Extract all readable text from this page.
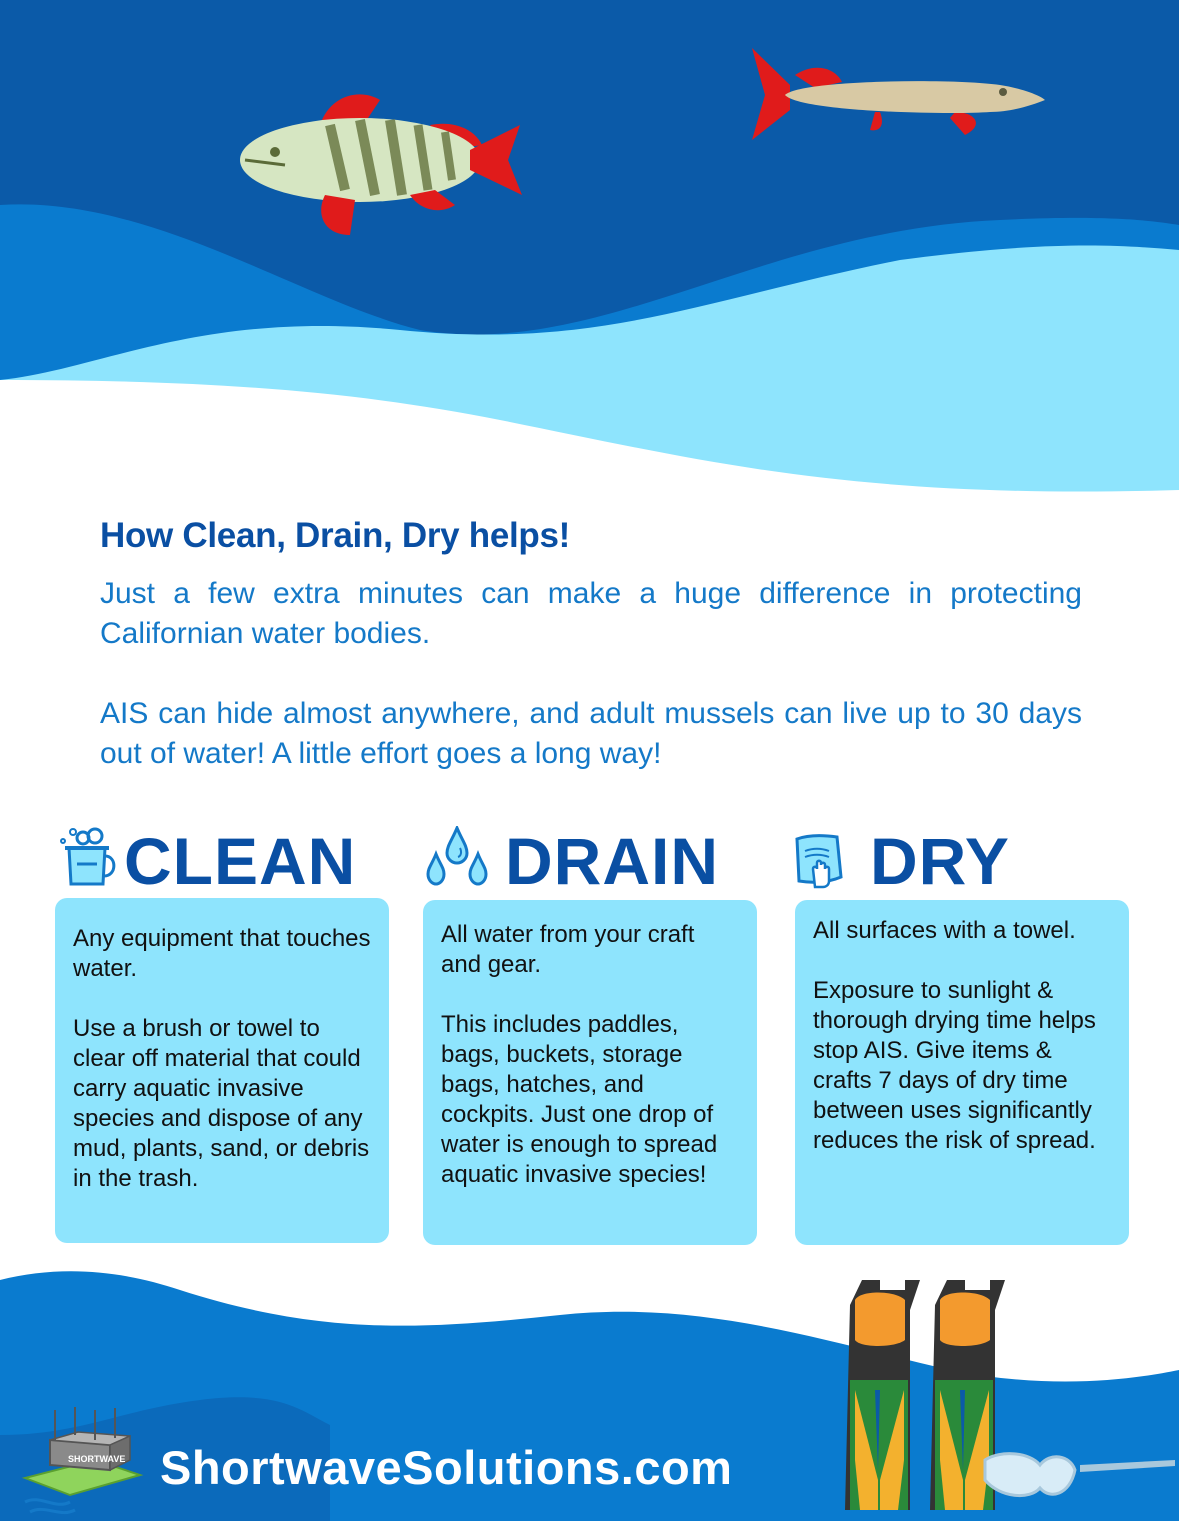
How Clean, Drain, Dry helps!
Just a few extra minutes can make a huge difference in protecting Californian water bodies.
AIS can hide almost anywhere, and adult mussels can live up to 30 days out of water! A little effort goes a long way!
CLEAN DRAIN DRY

Any equipment that touches water.

Use a brush or towel to clear off material that could carry aquatic invasive species and dispose of any mud, plants, sand, or debris in the trash.

All water from your craft and gear.

This includes paddles, bags, buckets, storage bags, hatches, and cockpits. Just one drop of water is enough to spread aquatic invasive species!

All surfaces with a towel.

Exposure to sunlight & thorough drying time helps stop AIS. Give items & crafts 7 days of dry time between uses significantly reduces the risk of spread.

SHORTWAVE ShortwaveSolutions.com
